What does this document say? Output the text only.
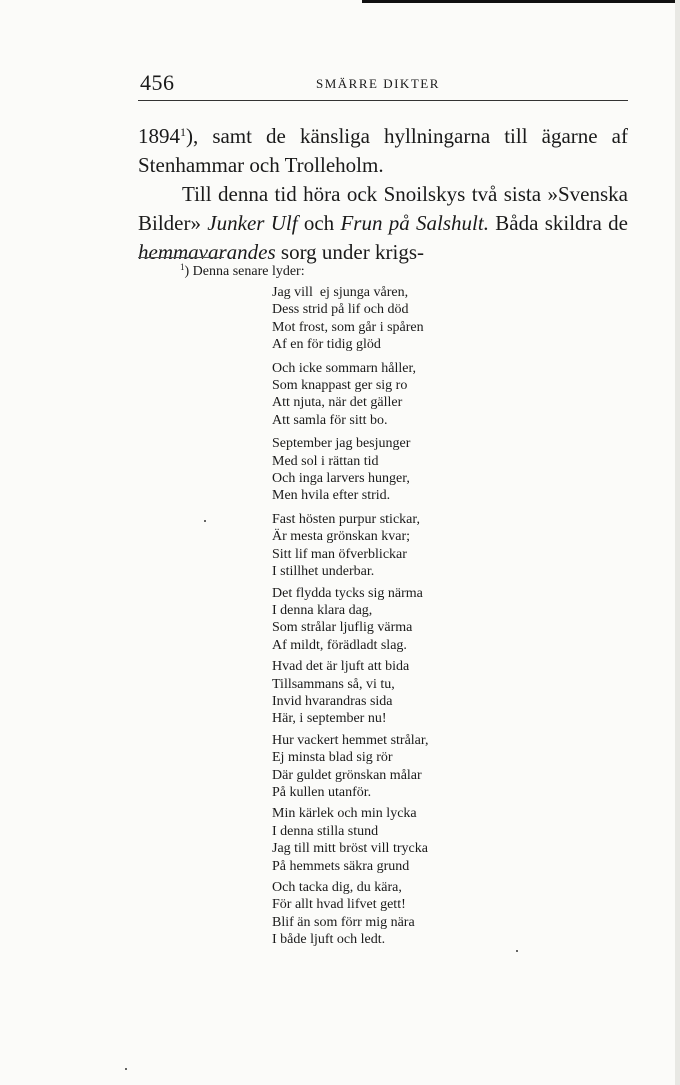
456	SMÄRRE DIKTER

1894$^1$), samt de känsliga hyllningarna till ägarne af Stenhammar och Trolleholm.

Till denna tid höra ock Snoilskys två sista »Svenska Bilder» Junker Ulf och Frun på Salshult. Båda skildra de hemmavarandes sorg under krigs-

$^1$) Denna senare lyder:
Jag vill  ej sjunga våren,
Dess strid på lif och död
Mot frost, som går i spåren
Af en för tidig glöd
Och icke sommarn håller,
Som knappast ger sig ro
Att njuta, när det gäller
Att samla för sitt bo.
September jag besjunger
Med sol i rättan tid
Och inga larvers hunger,
Men hvila efter strid.
Fast hösten purpur stickar,
Är mesta grönskan kvar;
Sitt lif man öfverblickar
I stillhet underbar.
Det flydda tycks sig närma
I denna klara dag,
Som strålar ljuflig värma
Af mildt, förädladt slag.
Hvad det är ljuft att bida
Tillsammans så, vi tu,
Invid hvarandras sida
Här, i september nu!
Hur vackert hemmet strålar,
Ej minsta blad sig rör
Där guldet grönskan målar
På kullen utanför.
Min kärlek och min lycka
I denna stilla stund
Jag till mitt bröst vill trycka
På hemmets säkra grund
Och tacka dig, du kära,
För allt hvad lifvet gett!
Blif än som förr mig nära
I både ljuft och ledt.
